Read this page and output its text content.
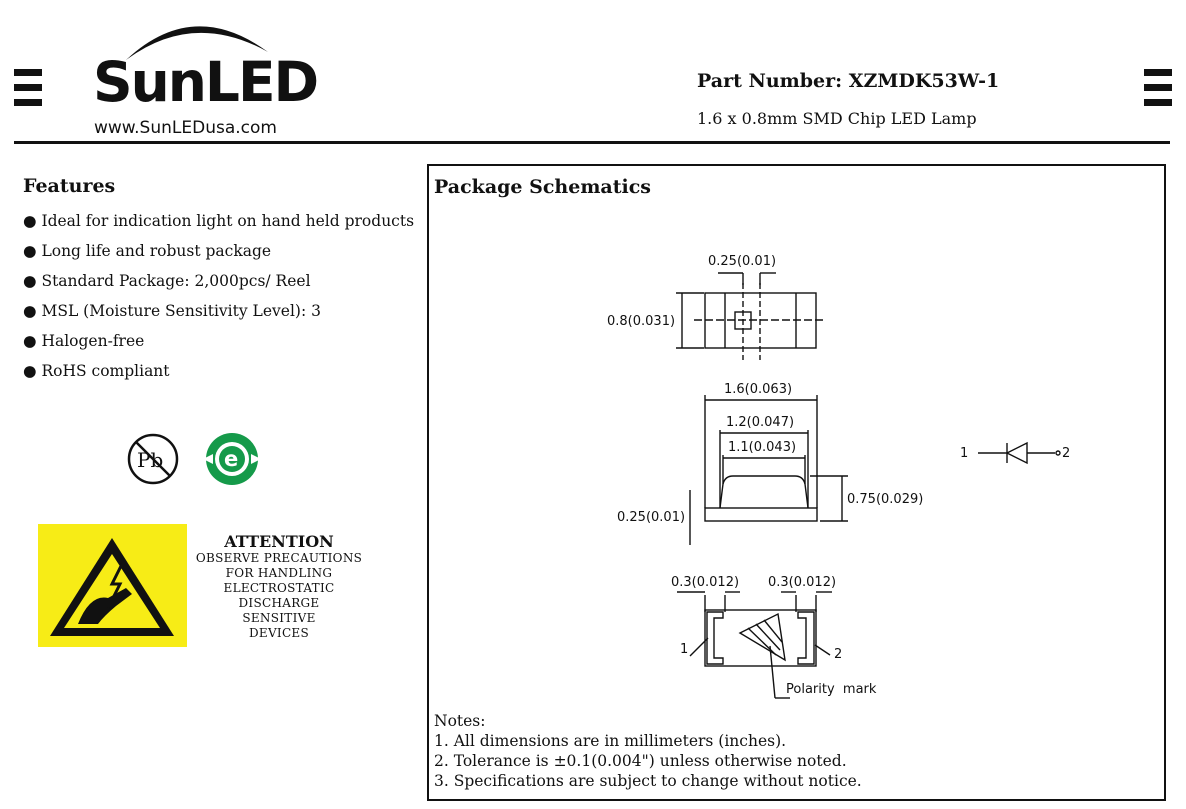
SunLED
www.SunLEDusa.com
Part Number: XZMDK53W-1
1.6 x 0.8mm SMD Chip LED Lamp
Features
● Ideal for indication light on hand held products
● Long life and robust package
● Standard Package: 2,000pcs/ Reel
● MSL (Moisture Sensitivity Level): 3
● Halogen-free
● RoHS compliant
Pb	e
ATTENTION
OBSERVE PRECAUTIONS
FOR HANDLING
ELECTROSTATIC
DISCHARGE
SENSITIVE
DEVICES
Package Schematics
0.25(0.01)
0.8(0.031)
1.6(0.063)
1.2(0.047)
1.1(0.043)
0.75(0.029)
0.25(0.01)
0.3(0.012) 0.3(0.012)
1	2
Polarity  mark
1	2
Notes:
1. All dimensions are in millimeters (inches).
2. Tolerance is ±0.1(0.004") unless otherwise noted.
3. Specifications are subject to change without notice.
